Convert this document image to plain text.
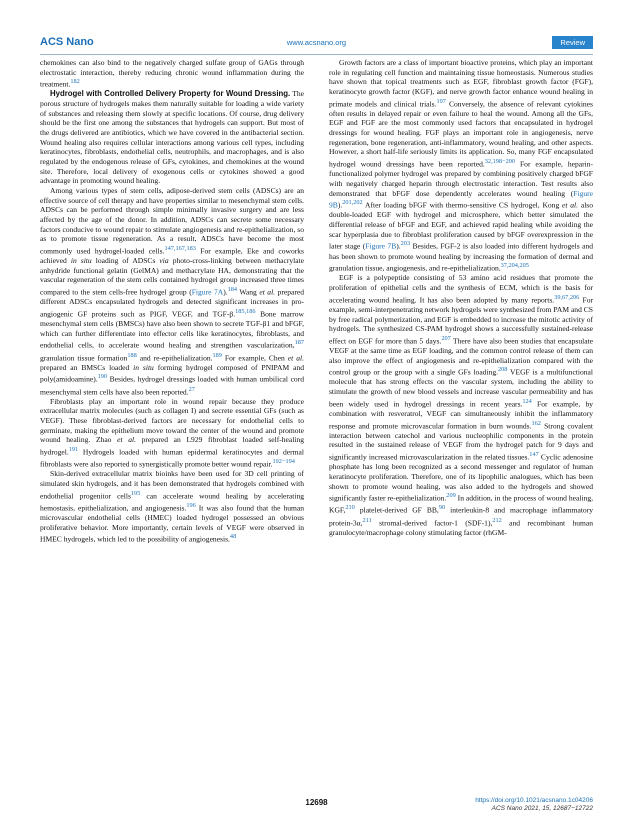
ACS Nano	www.acsnano.org	Review

chemokines can also bind to the negatively charged sulfate group of GAGs through electrostatic interaction, thereby reducing chronic wound inflammation during the treatment.$^{182}$

Hydrogel with Controlled Delivery Property for Wound Dressing. The porous structure of hydrogels makes them naturally suitable for loading a wide variety of substances and releasing them slowly at specific locations. Of course, drug delivery should be the first one among the substances that hydrogels can support. But most of the drugs delivered are antibiotics, which we have covered in the antibacterial section. Wound healing also requires cellular interactions among various cell types, including keratinocytes, fibroblasts, endothelial cells, neutrophils, and macrophages, and is also regulated by the endogenous release of GFs, cytokines, and chemokines at the wound site. Therefore, local delivery of exogenous cells or cytokines showed a good advantage in promoting wound healing.

Among various types of stem cells, adipose-derived stem cells (ADSCs) are an effective source of cell therapy and have properties similar to mesenchymal stem cells. ADSCs can be performed through simple minimally invasive surgery and are less affected by the age of the donor. In addition, ADSCs can secrete some necessary factors conducive to wound repair to stimulate angiogenesis and re-epithelialization, so as to promote tissue regeneration. As a result, ADSCs have become the most commonly used hydrogel-loaded cells.$^{147,167,183}$ For example, Eke and coworks achieved in situ loading of ADSCs via photo-cross-linking between methacrylate anhydride functional gelatin (GelMA) and methacrylate HA, demonstrating that the vascular regeneration of the stem cells contained hydrogel group increased three times compared to the stem cells-free hydrogel group (Figure 7A).$^{184}$ Wang et al. prepared different ADSCs encapsulated hydrogels and detected significant increases in pro-angiogenic GF proteins such as PIGF, VEGF, and TGF-β.$^{185,186}$ Bone marrow mesenchymal stem cells (BMSCs) have also been shown to secrete TGF-β1 and bFGF, which can further differentiate into effector cells like keratinocytes, fibroblasts, and endothelial cells, to accelerate wound healing and strengthen vascularization,$^{187}$ granulation tissue formation$^{188}$ and re-epithelialization.$^{189}$ For example, Chen et al. prepared an BMSCs loaded in situ forming hydrogel composed of PNIPAM and poly(amidoamine).$^{190}$ Besides, hydrogel dressings loaded with human umbilical cord mesenchymal stem cells have also been reported.$^{27}$

Fibroblasts play an important role in wound repair because they produce extracellular matrix molecules (such as collagen I) and secrete essential GFs (such as VEGF). These fibroblast-derived factors are necessary for endothelial cells to germinate, making the epithelium move toward the center of the wound and promote wound healing. Zhao et al. prepared an L929 fibroblast loaded self-healing hydrogel.$^{191}$ Hydrogels loaded with human epidermal keratinocytes and dermal fibroblasts were also reported to synergistically promote better wound repair.$^{192-194}$

Skin-derived extracellular matrix bioinks have been used for 3D cell printing of simulated skin hydrogels, and it has been demonstrated that hydrogels combined with endothelial progenitor cells$^{195}$ can accelerate wound healing by accelerating hemostasis, epithelialization, and angiogenesis.$^{196}$ It was also found that the human microvascular endothelial cells (HMEC) loaded hydrogel possessed an obvious proliferative behavior. More importantly, certain levels of VEGF were observed in HMEC hydrogels, which led to the possibility of angiogenesis.$^{48}$

Growth factors are a class of important bioactive proteins, which play an important role in regulating cell function and maintaining tissue homeostasis. Numerous studies have shown that topical treatments such as EGF, fibroblast growth factor (FGF), keratinocyte growth factor (KGF), and nerve growth factor enhance wound healing in primate models and clinical trials.$^{197}$ Conversely, the absence of relevant cytokines often results in delayed repair or even failure to heal the wound. Among all the GFs, EGF and FGF are the most commonly used factors that encapsulated in hydrogel dressings for wound healing. FGF plays an important role in angiogenesis, nerve regeneration, bone regeneration, anti-inflammatory, wound healing, and other aspects. However, a short half-life seriously limits its application. So, many FGF encapsulated hydrogel wound dressings have been reported.$^{32,198-200}$ For example, heparin-functionalized polymer hydrogel was prepared by combining positively charged bFGF with negatively charged heparin through electrostatic interaction. Test results also demonstrated that bFGF dose dependently accelerates wound healing (Figure 9B).$^{201,202}$ After loading bFGF with thermo-sensitive CS hydrogel, Kong et al. also double-loaded EGF with hydrogel and microsphere, which better simulated the differential release of bFGF and EGF, and achieved rapid healing while avoiding the scar hyperplasia due to fibroblast proliferation caused by bFGF overexpression in the later stage (Figure 7B).$^{203}$ Besides, FGF-2 is also loaded into different hydrogels and has been shown to promote wound healing by increasing the formation of dermal and granulation tissue, angiogenesis, and re-epithelialization.$^{37,204,205}$

EGF is a polypeptide consisting of 53 amino acid residues that promote the proliferation of epithelial cells and the synthesis of ECM, which is the basis for accelerating wound healing. It has also been adopted by many reports.$^{39,67,206}$ For example, semi-interpenetrating network hydrogels were synthesized from PAM and CS by free radical polymerization, and EGF is embedded to increase the mitotic activity of hydrogels. The synthesized CS-PAM hydrogel shows a successfully sustained-release effect on EGF for more than 5 days.$^{207}$ There have also been studies that encapsulate VEGF at the same time as EGF loading, and the common control release of them can also improve the effect of angiogenesis and re-epithelialization compared with the control group or the group with a single GFs loading.$^{208}$ VEGF is a multifunctional molecule that has strong effects on the vascular system, including the ability to stimulate the growth of new blood vessels and increase vascular permeability and has been widely used in hydrogel dressings in recent years.$^{124}$ For example, by combination with resveratrol, VEGF can simultaneously inhibit the inflammatory response and promote microvascular formation in burn wounds.$^{162}$ Strong covalent interaction between catechol and various nucleophilic components in the protein resulted in the sustained release of VEGF from the hydrogel patch for 9 days and significantly increased microvascularization in the related tissues.$^{147}$ Cyclic adenosine phosphate has long been recognized as a second messenger and regulator of human keratinocyte proliferation. Therefore, one of its lipophilic analogues, which has been shown to promote wound healing, was also added to the hydrogels and showed significantly faster re-epithelialization.$^{209}$ In addition, in the process of wound healing, KGF,$^{210}$ platelet-derived GF BB,$^{90}$ interleukin-8 and macrophage inflammatory protein-3α,$^{211}$ stromal-derived factor-1 (SDF-1),$^{212}$ and recombinant human granulocyte/macrophage colony stimulating factor (rhGM-

12698	https://doi.org/10.1021/acsnano.1c04206
ACS Nano 2021, 15, 12687−12722
